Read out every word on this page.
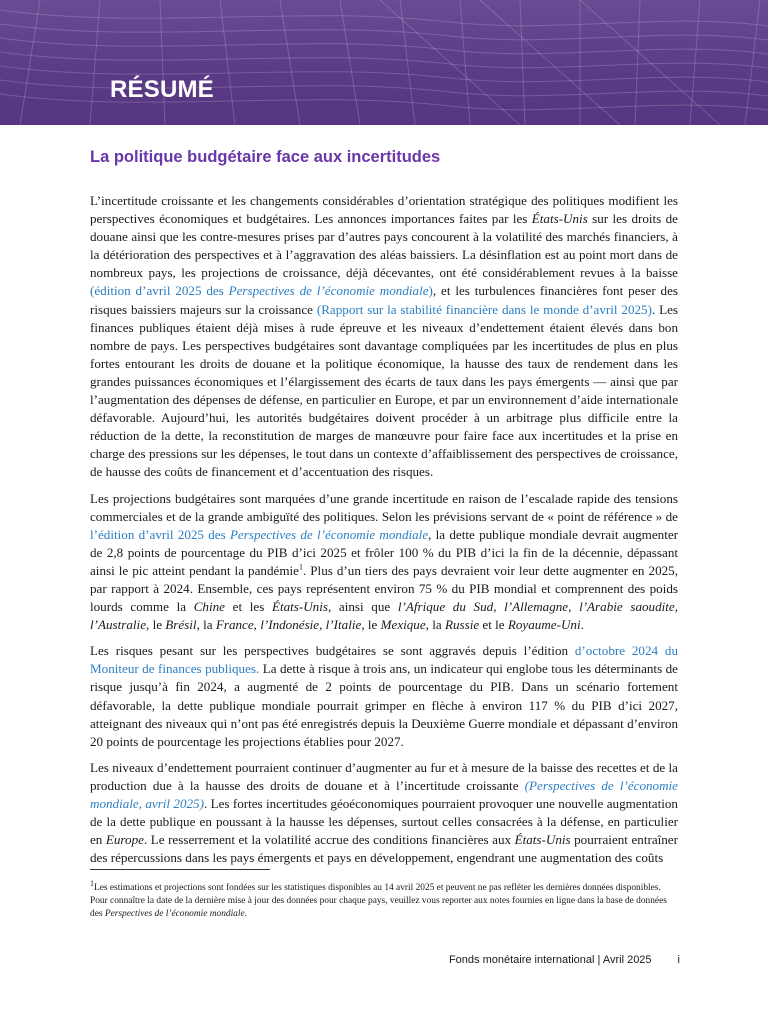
RÉSUMÉ
La politique budgétaire face aux incertitudes

L’incertitude croissante et les changements considérables d’orientation stratégique des politiques modifient les perspectives économiques et budgétaires. Les annonces importances faites par les États-Unis sur les droits de douane ainsi que les contre-mesures prises par d’autres pays concourent à la volatilité des marchés financiers, à la détérioration des perspectives et à l’aggravation des aléas baissiers. La désinflation est au point mort dans de nombreux pays, les projections de croissance, déjà décevantes, ont été considérablement revues à la baisse (édition d’avril 2025 des Perspectives de l’économie mondiale), et les turbulences financières font peser des risques baissiers majeurs sur la croissance (Rapport sur la stabilité financière dans le monde d’avril 2025). Les finances publiques étaient déjà mises à rude épreuve et les niveaux d’endettement étaient élevés dans bon nombre de pays. Les perspectives budgétaires sont davantage compliquées par les incertitudes de plus en plus fortes entourant les droits de douane et la politique économique, la hausse des taux de rendement dans les grandes puissances économiques et l’élargissement des écarts de taux dans les pays émergents — ainsi que par l’augmentation des dépenses de défense, en particulier en Europe, et par un environnement d’aide internationale défavorable. Aujourd’hui, les autorités budgétaires doivent procéder à un arbitrage plus difficile entre la réduction de la dette, la reconstitution de marges de manœuvre pour faire face aux incertitudes et la prise en charge des pressions sur les dépenses, le tout dans un contexte d’affaiblissement des perspectives de croissance, de hausse des coûts de financement et d’accentuation des risques.

Les projections budgétaires sont marquées d’une grande incertitude en raison de l’escalade rapide des tensions commerciales et de la grande ambiguïté des politiques. Selon les prévisions servant de « point de référence » de l’édition d’avril 2025 des Perspectives de l’économie mondiale, la dette publique mondiale devrait augmenter de 2,8 points de pourcentage du PIB d’ici 2025 et frôler 100 % du PIB d’ici la fin de la décennie, dépassant ainsi le pic atteint pendant la pandémie$^1$. Plus d’un tiers des pays devraient voir leur dette augmenter en 2025, par rapport à 2024. Ensemble, ces pays représentent environ 75 % du PIB mondial et comprennent des poids lourds comme la Chine et les États-Unis, ainsi que l’Afrique du Sud, l’Allemagne, l’Arabie saoudite, l’Australie, le Brésil, la France, l’Indonésie, l’Italie, le Mexique, la Russie et le Royaume-Uni.

Les risques pesant sur les perspectives budgétaires se sont aggravés depuis l’édition d’octobre 2024 du Moniteur de finances publiques. La dette à risque à trois ans, un indicateur qui englobe tous les déterminants de risque jusqu’à fin 2024, a augmenté de 2 points de pourcentage du PIB. Dans un scénario fortement défavorable, la dette publique mondiale pourrait grimper en flèche à environ 117 % du PIB d’ici 2027, atteignant des niveaux qui n’ont pas été enregistrés depuis la Deuxième Guerre mondiale et dépassant d’environ 20 points de pourcentage les projections établies pour 2027.

Les niveaux d’endettement pourraient continuer d’augmenter au fur et à mesure de la baisse des recettes et de la production due à la hausse des droits de douane et à l’incertitude croissante (Perspectives de l’économie mondiale, avril 2025). Les fortes incertitudes géoéconomiques pourraient provoquer une nouvelle augmentation de la dette publique en poussant à la hausse les dépenses, surtout celles consacrées à la défense, en particulier en Europe. Le resserrement et la volatilité accrue des conditions financières aux États-Unis pourraient entraîner des répercussions dans les pays émergents et pays en développement, engendrant une augmentation des coûts

$^1$Les estimations et projections sont fondées sur les statistiques disponibles au 14 avril 2025 et peuvent ne pas refléter les dernières données disponibles. Pour connaître la date de la dernière mise à jour des données pour chaque pays, veuillez vous reporter aux notes fournies en ligne dans la base de données des Perspectives de l’économie mondiale.
Fonds monétaire international | Avril 2025 i
